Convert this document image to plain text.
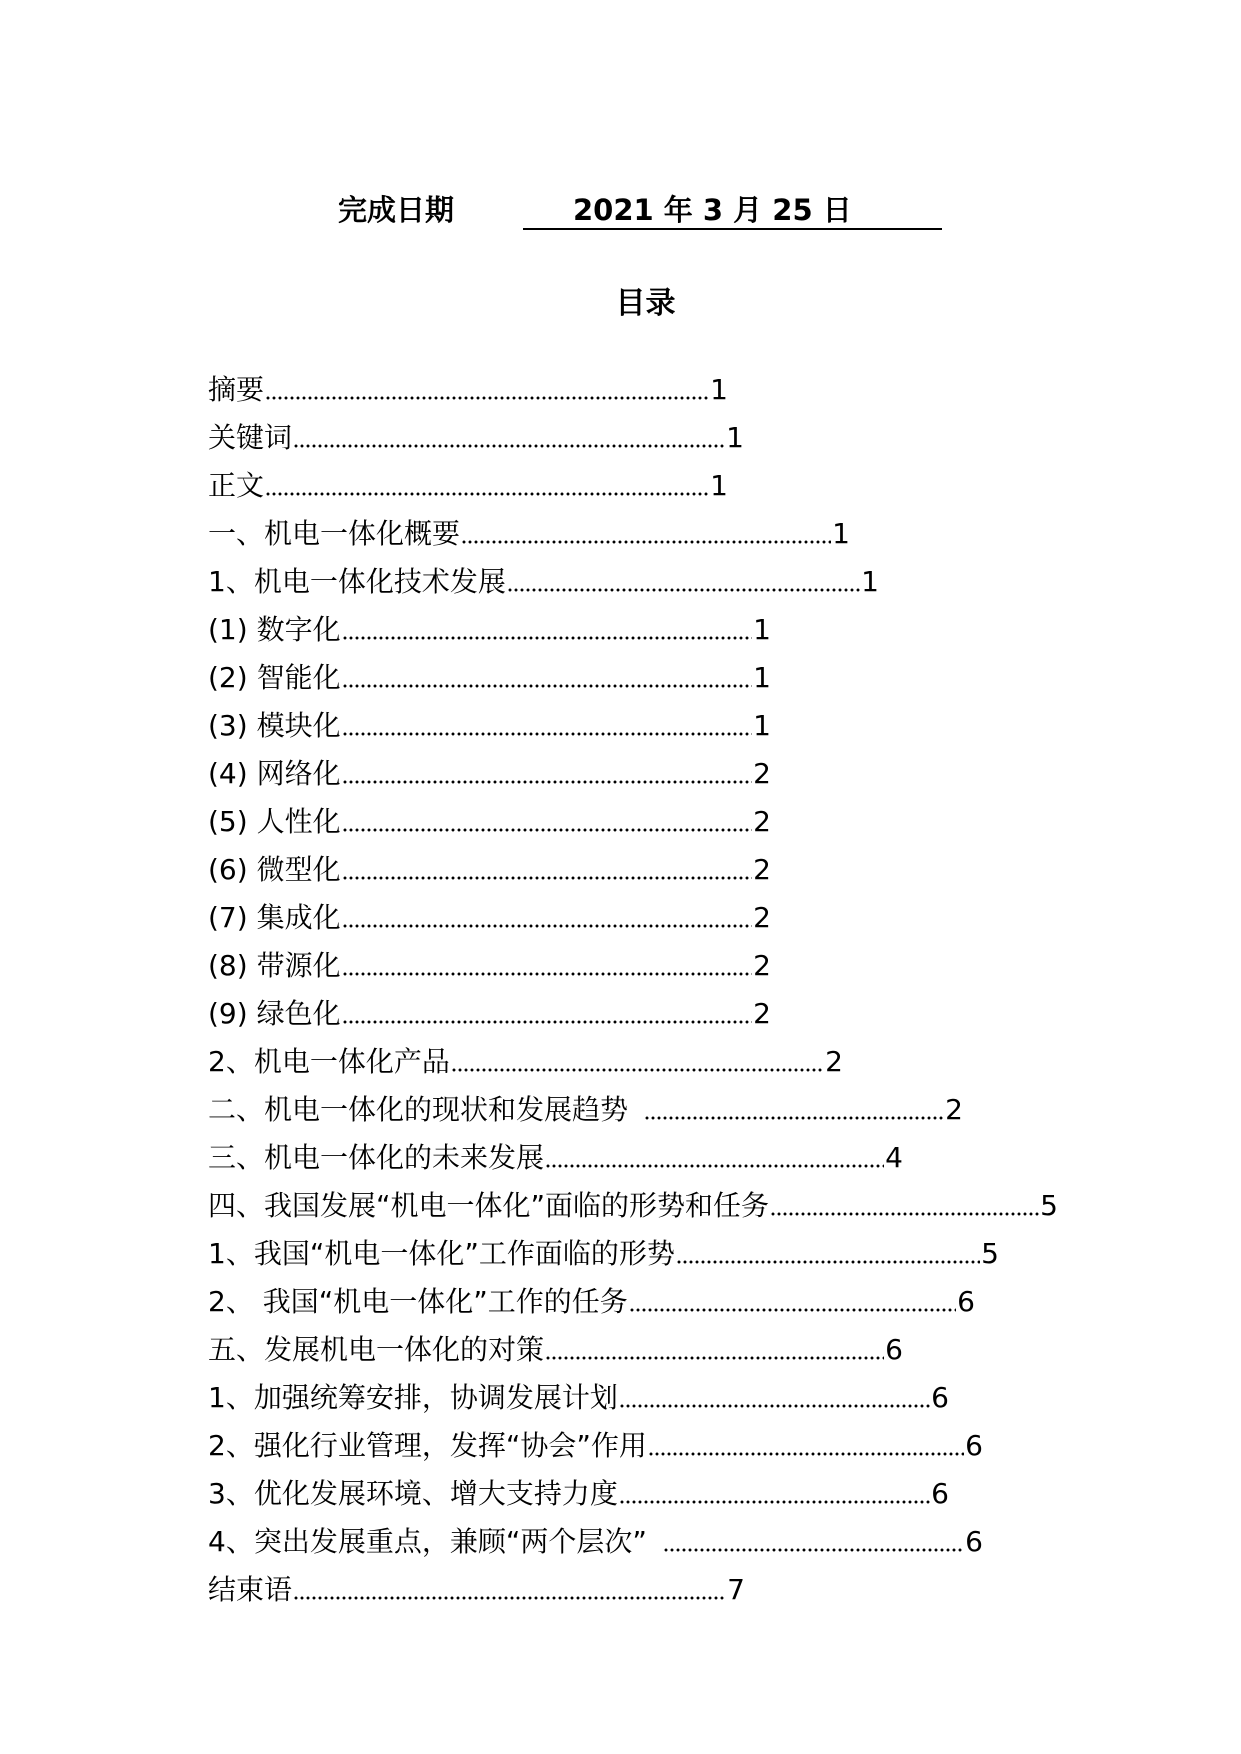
完成日期	2021 年 3 月 25 日
目录
摘要	1
关键词	1
正文	1
一、机电一体化概要	1
1、机电一体化技术发展	1
(1) 数字化	1
(2) 智能化	1
(3) 模块化	1
(4) 网络化	2
(5) 人性化	2
(6) 微型化	2
(7) 集成化	2
(8) 带源化	2
(9) 绿色化	2
2、机电一体化产品	2
二、机电一体化的现状和发展趋势	2
三、机电一体化的未来发展	4
四、我国发展“机电一体化”面临的形势和任务	5
1、我国“机电一体化”工作面临的形势	5
2、 我国“机电一体化”工作的任务	6
五、发展机电一体化的对策	6
1、加强统筹安排，协调发展计划	6
2、强化行业管理，发挥“协会”作用	6
3、优化发展环境、增大支持力度	6
4、突出发展重点，兼顾“两个层次”	6
结束语	7
